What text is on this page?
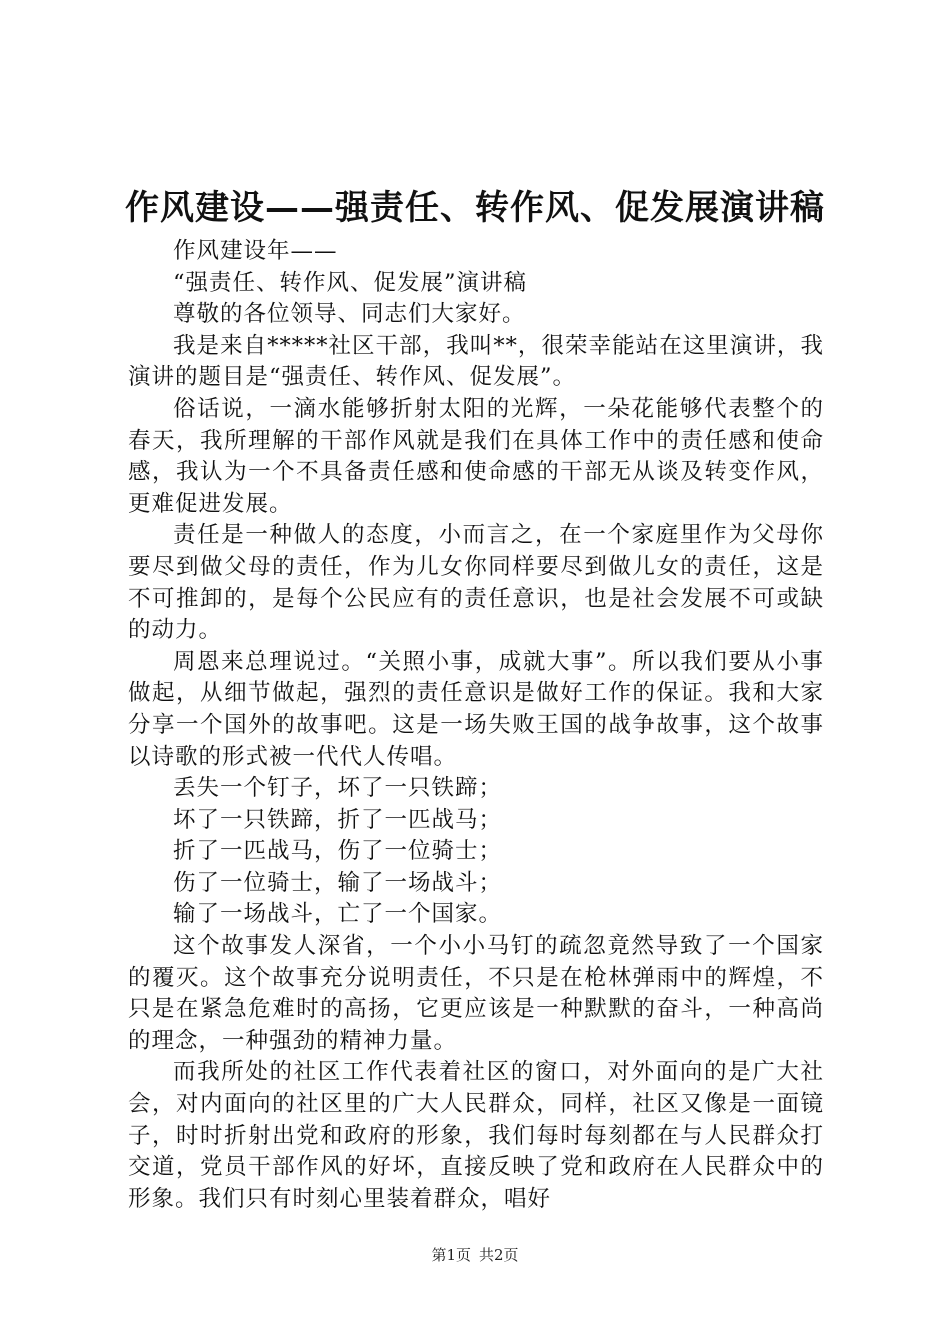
作风建设——强责任、转作风、促发展演讲稿

作风建设年——

“强责任、转作风、促发展”演讲稿

尊敬的各位领导、同志们大家好。

我是来自*****社区干部，我叫**，很荣幸能站在这里演讲，我演讲的题目是“强责任、转作风、促发展”。

俗话说，一滴水能够折射太阳的光辉，一朵花能够代表整个的春天，我所理解的干部作风就是我们在具体工作中的责任感和使命感，我认为一个不具备责任感和使命感的干部无从谈及转变作风，更难促进发展。

责任是一种做人的态度，小而言之，在一个家庭里作为父母你要尽到做父母的责任，作为儿女你同样要尽到做儿女的责任，这是不可推卸的，是每个公民应有的责任意识，也是社会发展不可或缺的动力。

周恩来总理说过。“关照小事，成就大事”。所以我们要从小事做起，从细节做起，强烈的责任意识是做好工作的保证。我和大家分享一个国外的故事吧。这是一场失败王国的战争故事，这个故事以诗歌的形式被一代代人传唱。

丢失一个钉子，坏了一只铁蹄；

坏了一只铁蹄，折了一匹战马；

折了一匹战马，伤了一位骑士；

伤了一位骑士，输了一场战斗；

输了一场战斗，亡了一个国家。

这个故事发人深省，一个小小马钉的疏忽竟然导致了一个国家的覆灭。这个故事充分说明责任，不只是在枪林弹雨中的辉煌，不只是在紧急危难时的高扬，它更应该是一种默默的奋斗，一种高尚的理念，一种强劲的精神力量。

而我所处的社区工作代表着社区的窗口，对外面向的是广大社会，对内面向的社区里的广大人民群众，同样，社区又像是一面镜子，时时折射出党和政府的形象，我们每时每刻都在与人民群众打交道，党员干部作风的好坏，直接反映了党和政府在人民群众中的形象。我们只有时刻心里装着群众，唱好

第1页 共2页
